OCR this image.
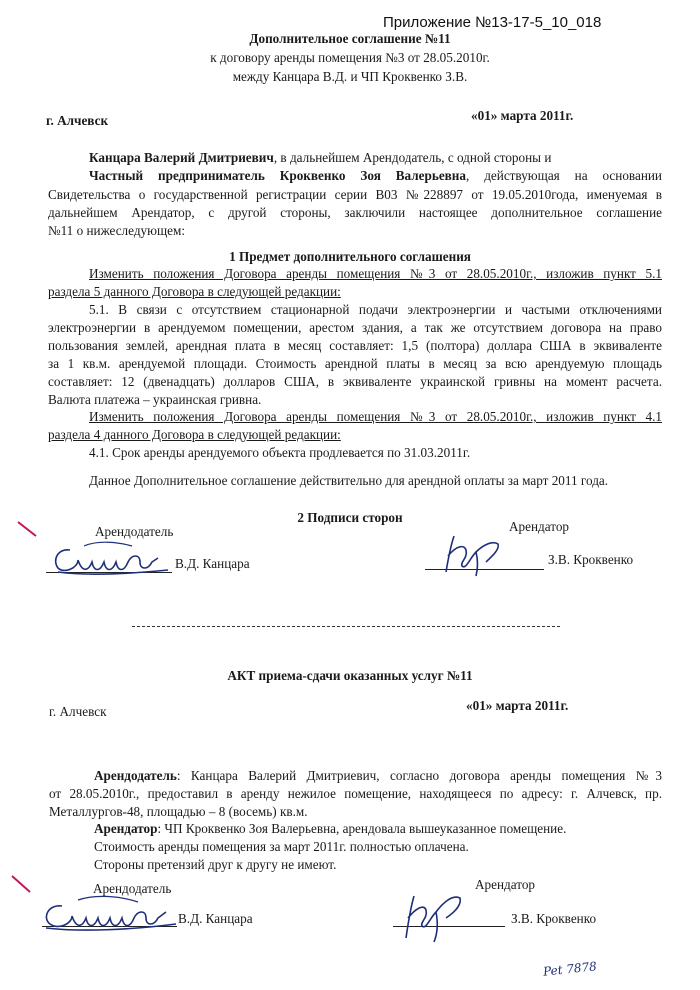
Приложение №13-17-5_10_018
Дополнительное соглашение №11
к договору аренды помещения №3 от 28.05.2010г.
между Канцара В.Д. и ЧП Кроквенко З.В.
г. Алчевск	«01» марта 2011г.
Канцара Валерий Дмитриевич, в дальнейшем Арендодатель, с одной стороны и
Частный предприниматель Кроквенко Зоя Валерьевна, действующая на основании
Свидетельства о государственной регистрации серии В03 №228897 от 19.05.2010года, именуемая в
дальнейшем Арендатор, с другой стороны, заключили настоящее дополнительное соглашение
№11 о нижеследующем:
1 Предмет дополнительного соглашения
Изменить положения Договора аренды помещения №3 от 28.05.2010г., изложив пункт 5.1
раздела 5 данного Договора в следующей редакции:
5.1. В связи с отсутствием стационарной подачи электроэнергии и частыми отключениями
электроэнергии в арендуемом помещении, арестом здания, а так же отсутствием договора на право
пользования землей, арендная плата в месяц составляет: 1,5 (полтора) доллара США в эквиваленте
за 1 кв.м. арендуемой площади. Стоимость арендной платы в месяц за всю арендуемую площадь
составляет: 12 (двенадцать) долларов США, в эквиваленте украинской гривны на момент расчета.
Валюта платежа – украинская гривна.
Изменить положения Договора аренды помещения №3 от 28.05.2010г., изложив пункт 4.1
раздела 4 данного Договора в следующей редакции:
4.1. Срок аренды арендуемого объекта продлевается по 31.03.2011г.
Данное Дополнительное соглашение действительно для арендной оплаты за март 2011 года.
2 Подписи сторон
Арендодатель
В.Д. Канцара
Арендатор
З.В. Кроквенко
АКТ приема-сдачи оказанных услуг №11
г. Алчевск	«01» марта 2011г.
Арендодатель: Канцара Валерий Дмитриевич, согласно договора аренды помещения №3
от 28.05.2010г., предоставил в аренду нежилое помещение, находящееся по адресу: г. Алчевск, пр.
Металлургов-48, площадью – 8 (восемь) кв.м.
Арендатор: ЧП Кроквенко Зоя Валерьевна, арендовала вышеуказанное помещение.
Стоимость аренды помещения за март 2011г. полностью оплачена.
Стороны претензий друг к другу не имеют.
Арендодатель
В.Д. Канцара
Арендатор
З.В. Кроквенко
Pet 7878
